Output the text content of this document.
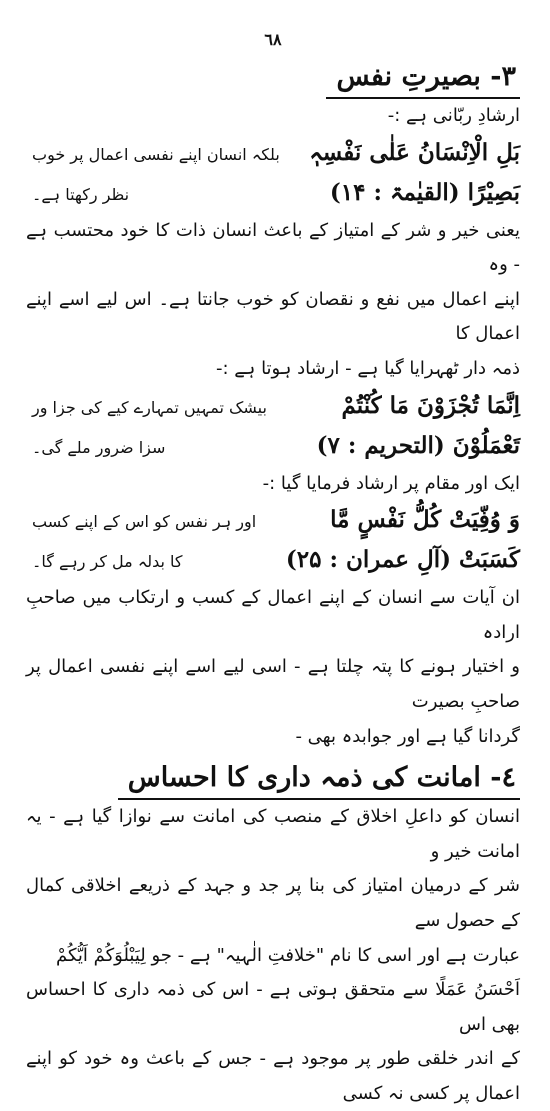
٦٨
٣- بصیرتِ نفس

ارشادِ ربّانی ہے :-

بَلِ الْاِنْسَانُ عَلٰی نَفْسِہٖ
بلکہ انسان اپنے نفسی اعمال پر خوب
بَصِیْرًا (القیٰمۃ : ۱۴)
نظر رکھتا ہے۔

یعنی خیر و شر کے امتیاز کے باعث انسان ذات کا خود محتسب ہے - وہ

اپنے اعمال میں نفع و نقصان کو خوب جانتا ہے۔ اس لیے اسے اپنے اعمال کا

ذمہ دار ٹھہرایا گیا ہے - ارشاد ہوتا ہے :-

اِنَّمَا تُجْزَوْنَ مَا كُنْتُمْ
بیشک تمہیں تمہارے کیے کی جزا ور
تَعْمَلُوْنَ (التحریم : ۷)
سزا ضرور ملے گی۔

ایک اور مقام پر ارشاد فرمایا گیا :-

وَ وُفِّيَتْ كُلُّ نَفْسٍ مَّا
اور ہر نفس کو اس کے اپنے کسب
كَسَبَتْ (آلِ عمران : ۲۵)
کا بدلہ مل کر رہے گا۔

ان آیات سے انسان کے اپنے اعمال کے کسب و ارتکاب میں صاحبِ ارادہ

و اختیار ہونے کا پتہ چلتا ہے - اسی لیے اسے اپنے نفسی اعمال پر صاحبِ بصیرت

گردانا گیا ہے اور جوابدہ بھی -

٤- امانت کی ذمہ داری کا احساس

انسان کو داعلِ اخلاق کے منصب کی امانت سے نوازا گیا ہے - یہ امانت خیر و

شر کے درمیان امتیاز کی بنا پر جد و جہد کے ذریعے اخلاقی کمال کے حصول سے

عبارت ہے اور اسی کا نام "خلافتِ الٰہیہ" ہے - جو لِيَبْلُوَكُمْ اَيُّكُمْ

اَحْسَنُ عَمَلًا سے متحقق ہوتی ہے - اس کی ذمہ داری کا احساس بھی اس

کے اندر خلقی طور پر موجود ہے - جس کے باعث وہ خود کو اپنے اعمال پر کسی نہ کسی
